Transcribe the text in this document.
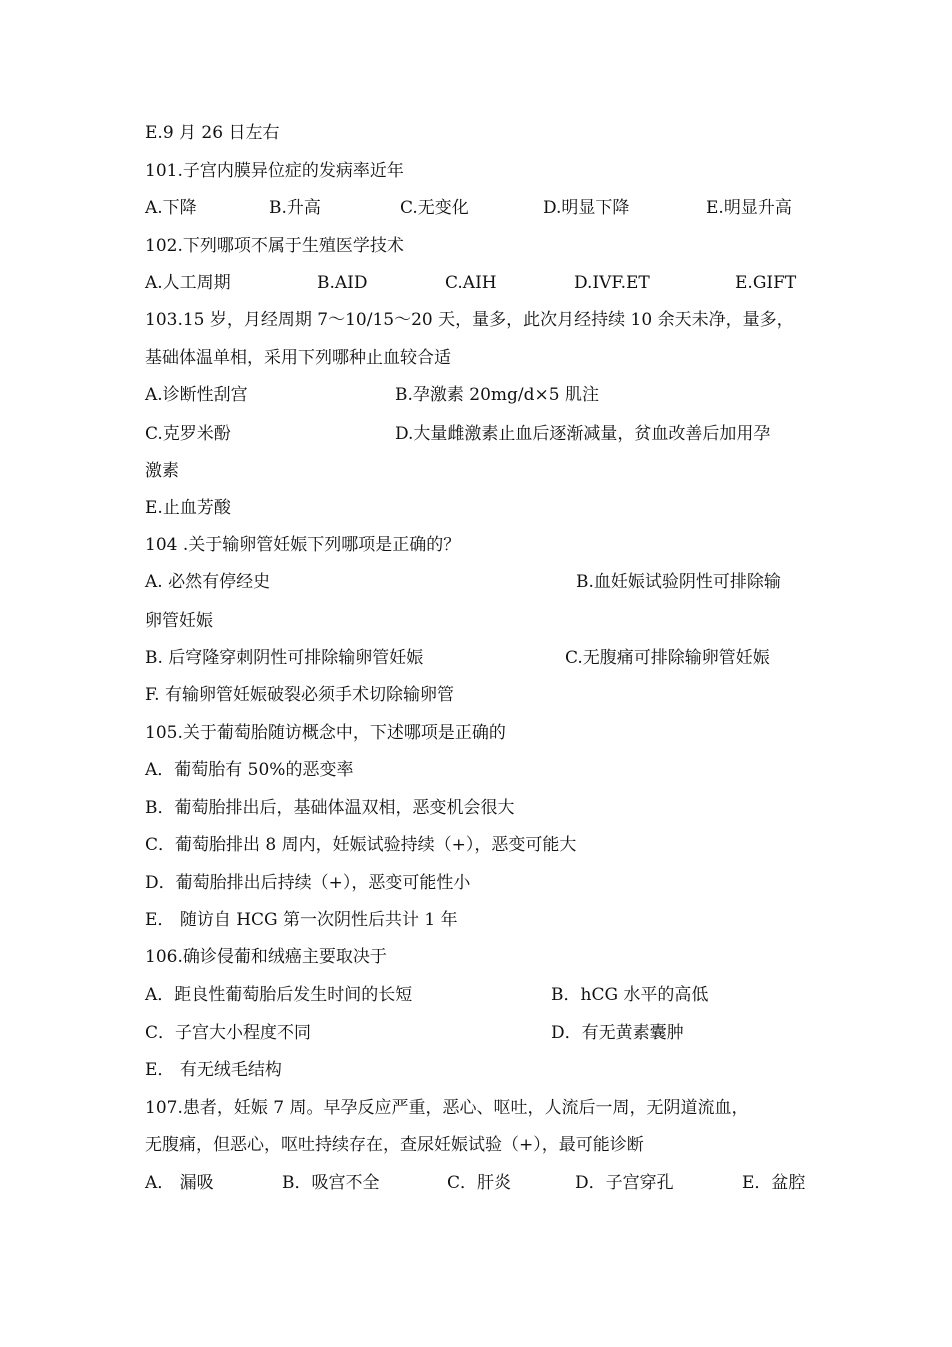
E.9 月 26 日左右
101.子宫内膜异位症的发病率近年
A.下降	B.升高	C.无变化	D.明显下降	E.明显升高
102.下列哪项不属于生殖医学技术
A.人工周期	B.AID	C.AIH	D.IVF.ET	E.GIFT
103.15 岁，月经周期 7～10/15～20 天，量多，此次月经持续 10 余天未净，量多，
基础体温单相，采用下列哪种止血较合适
A.诊断性刮宫	B.孕激素 20mg/d×5 肌注
C.克罗米酚	D.大量雌激素止血后逐渐减量，贫血改善后加用孕
激素
E.止血芳酸
104 .关于输卵管妊娠下列哪项是正确的？
A. 必然有停经史	B.血妊娠试验阴性可排除输
卵管妊娠
B. 后穹隆穿刺阴性可排除输卵管妊娠	C.无腹痛可排除输卵管妊娠
F. 有输卵管妊娠破裂必须手术切除输卵管
105.关于葡萄胎随访概念中，下述哪项是正确的
A．葡萄胎有 50%的恶变率
B．葡萄胎排出后，基础体温双相，恶变机会很大
C．葡萄胎排出 8 周内，妊娠试验持续（+），恶变可能大
D．葡萄胎排出后持续（+），恶变可能性小
E． 随访自 HCG 第一次阴性后共计 1 年
106.确诊侵葡和绒癌主要取决于
A．距良性葡萄胎后发生时间的长短	B．hCG 水平的高低
C．子宫大小程度不同	D．有无黄素囊肿
E． 有无绒毛结构
107.患者，妊娠 7 周。早孕反应严重，恶心、呕吐，人流后一周，无阴道流血，
无腹痛，但恶心，呕吐持续存在，查尿妊娠试验（+），最可能诊断
A． 漏吸	B．吸宫不全	C．肝炎	D．子宫穿孔	E．盆腔
